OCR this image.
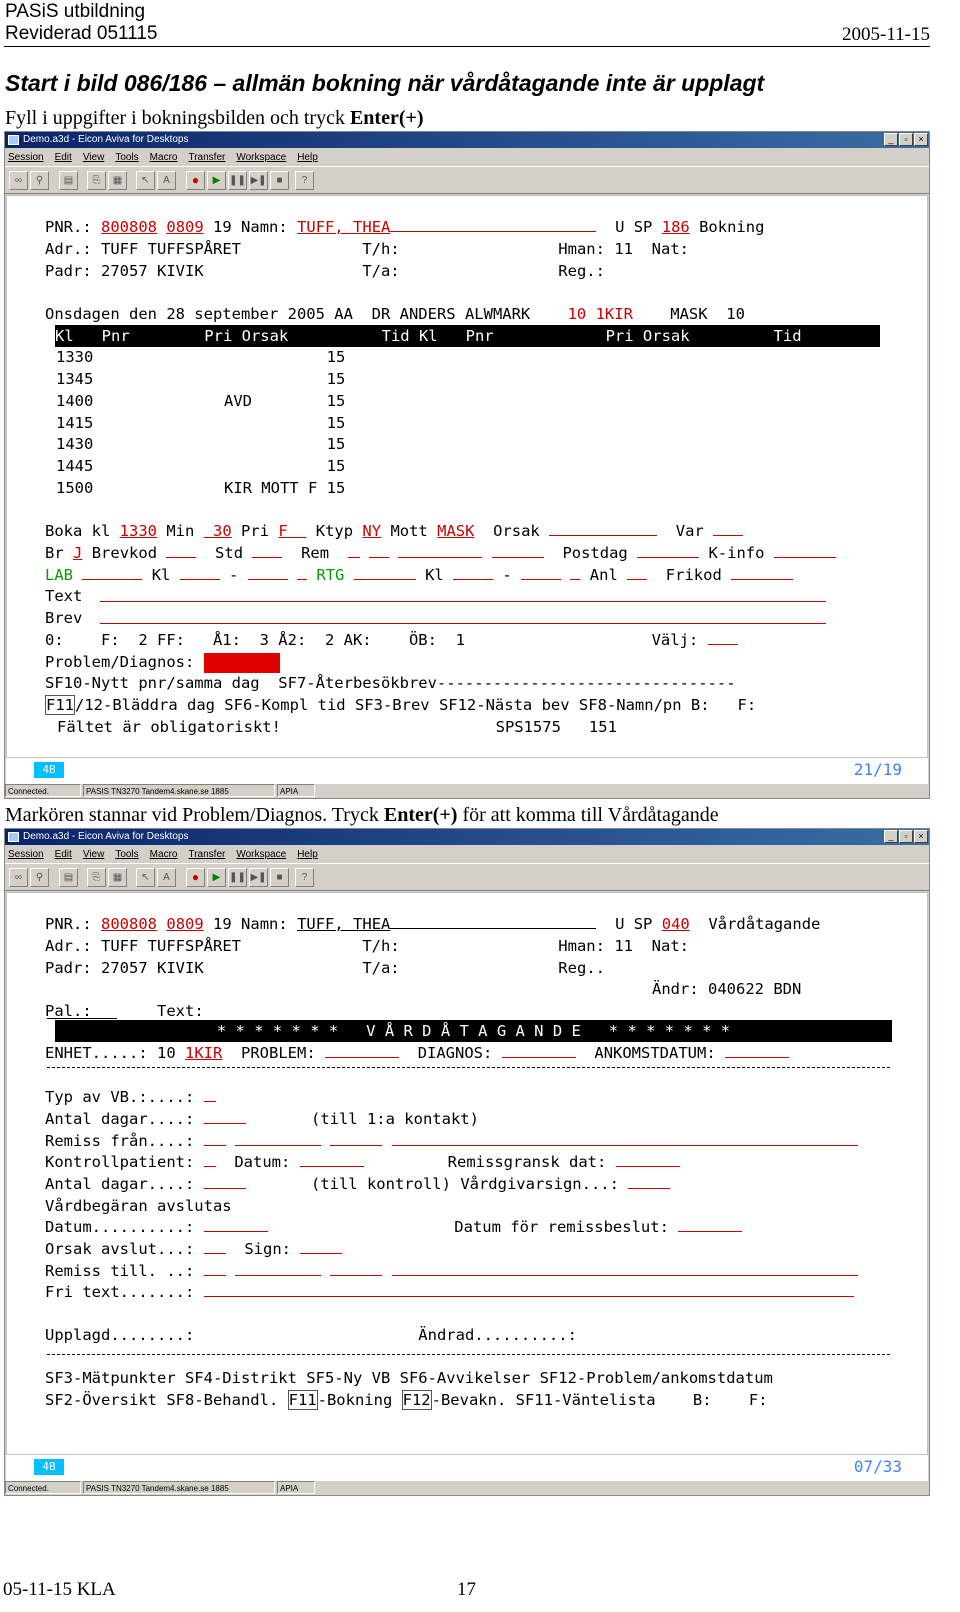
PASiS utbildning
Reviderad 051115	2005-11-15
Start i bild 086/186 – allmän bokning när vårdåtagande inte är upplagt
Fyll i uppgifter i bokningsbilden och tryck Enter(+)
Demo.a3d - Eicon Aviva for Desktops	_	▫	×
Session Edit View Tools Macro Transfer Workspace Help
∞	⚲	▤	⎘	▦	↖	A	●	▶ ❚❚ ▶❚ ■	?
PNR.: 800808 0809 19 Namn: TUFF, THEA	U SP 186 Bokning
Adr.: TUFF TUFFSPÅRET	T/h:	Hman: 11 Nat:
Padr: 27057 KIVIK	T/a:	Reg.:
Onsdagen den 28 september 2005 AA DR ANDERS ALWMARK 10 1KIR MASK  10
Kl   Pnr        Pri Orsak          Tid Kl   Pnr            Pri Orsak         Tid
1330	15
1345	15
1400	AVD	15
1415	15
1430	15
1445	15
1500	KIR MOTT F 15
Boka kl 1330 Min 30 Pri F Ktyp NY Mott MASK Orsak	Var
Br J Brevkod	Std	Rem	Postdag	K-info
LAB	Kl	-	RTG	Kl	-	Anl	Frikod
Text
Brev
0:    F:  2 FF:   Å1:  3 Å2:  2 AK:    ÖB:  1	Välj:
Problem/Diagnos:
SF10-Nytt pnr/samma dag  SF7-Återbesökbrev--------------------------------
F11/12-Bläddra dag SF6-Kompl tid SF3-Brev SF12-Nästa bev SF8-Namn/pn B:   F:
Fältet är obligatoriskt!	SPS1575   151
4B	21/19
Connected.	PASIS TN3270 Tandem4.skane.se 1885	APIA
Markören stannar vid Problem/Diagnos. Tryck Enter(+) för att komma till Vårdåtagande
Demo.a3d - Eicon Aviva for Desktops	_	▫	×
Session Edit View Tools Macro Transfer Workspace Help
∞	⚲	▤	⎘	▦	↖	A	●	▶ ❚❚ ▶❚ ■	?
PNR.: 800808 0809 19 Namn: TUFF, THEA	U SP 040 Vårdåtagande
Adr.: TUFF TUFFSPÅRET	T/h:	Hman: 11 Nat:
Padr: 27057 KIVIK	T/a:	Reg..
Ändr: 040622 BDN
Pal.:	Text:
* * * * * * *   V Å R D Å T A G A N D E   * * * * * * *
ENHET.....: 10 1KIR PROBLEM:	DIAGNOS:	ANKOMSTDATUM:
Typ av VB.:....:
Antal dagar....:	(till 1:a kontakt)
Remiss från....:
Kontrollpatient:	Datum:	Remissgransk dat:
Antal dagar....:	(till kontroll) Vårdgivarsign...:
Vårdbegäran avslutas
Datum..........:	Datum för remissbeslut:
Orsak avslut...:	Sign:
Remiss till. ..:
Fri text.......:
Upplagd........:	Ändrad..........:
SF3-Mätpunkter SF4-Distrikt SF5-Ny VB SF6-Avvikelser SF12-Problem/ankomstdatum
SF2-Översikt SF8-Behandl. F11-Bokning F12-Bevakn. SF11-Väntelista    B:    F:
4B	07/33
Connected.	PASIS TN3270 Tandem4.skane.se 1885	APIA
05-11-15 KLA	17
